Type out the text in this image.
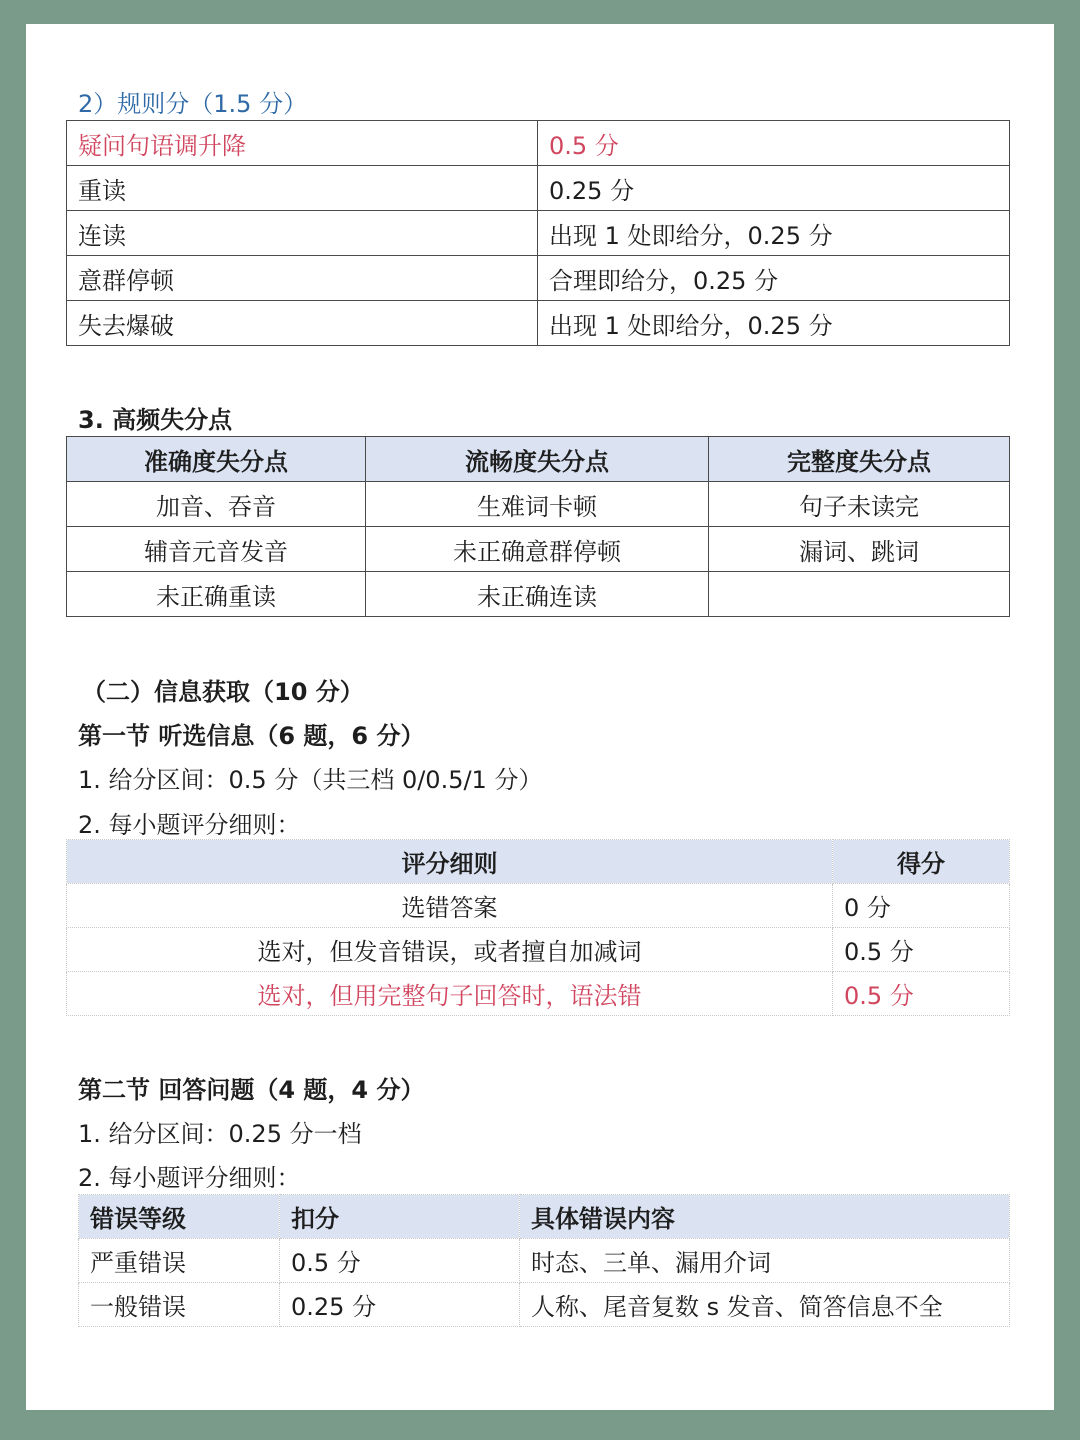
2）规则分（1.5 分）
疑问句语调升降	0.5 分
重读	0.25 分
连读	出现 1 处即给分，0.25 分
意群停顿	合理即给分，0.25 分
失去爆破	出现 1 处即给分，0.25 分
3. 高频失分点
准确度失分点	流畅度失分点	完整度失分点
加音、吞音	生难词卡顿	句子未读完
辅音元音发音	未正确意群停顿	漏词、跳词
未正确重读	未正确连读	
（二）信息获取（10 分）
第一节 听选信息（6 题，6 分）
1. 给分区间：0.5 分（共三档 0/0.5/1 分）
2. 每小题评分细则：
评分细则	得分
选错答案	0 分
选对，但发音错误，或者擅自加减词	0.5 分
选对，但用完整句子回答时，语法错	0.5 分
第二节 回答问题（4 题，4 分）
1. 给分区间：0.25 分一档
2. 每小题评分细则：
错误等级	扣分	具体错误内容
严重错误	0.5 分	时态、三单、漏用介词
一般错误	0.25 分	人称、尾音复数 s 发音、简答信息不全
